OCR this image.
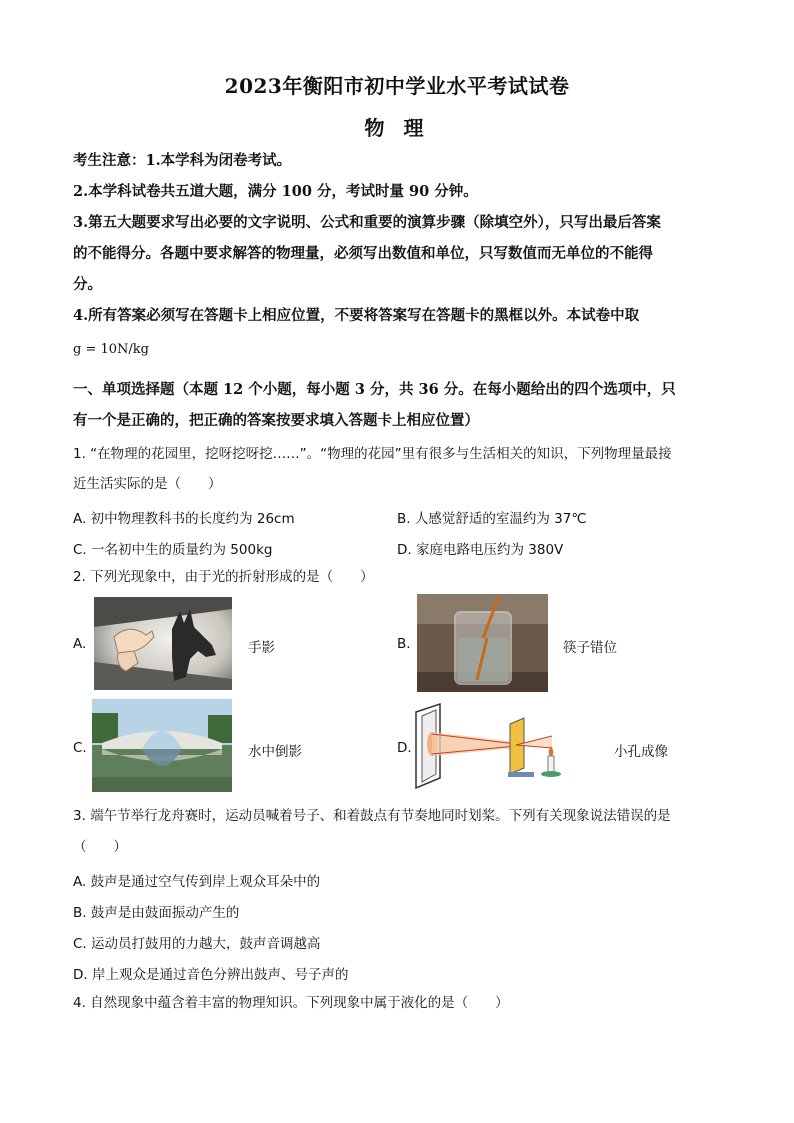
2023年衡阳市初中学业水平考试试卷
物 理
考生注意：1.本学科为闭卷考试。
2.本学科试卷共五道大题，满分 100 分，考试时量 90 分钟。
3.第五大题要求写出必要的文字说明、公式和重要的演算步骤（除填空外），只写出最后答案
的不能得分。各题中要求解答的物理量，必须写出数值和单位，只写数值而无单位的不能得
分。
4.所有答案必须写在答题卡上相应位置，不要将答案写在答题卡的黑框以外。本试卷中取
g = 10N/kg
一、单项选择题（本题 12 个小题，每小题 3 分，共 36 分。在每小题给出的四个选项中，只
有一个是正确的，把正确的答案按要求填入答题卡上相应位置）
1. “在物理的花园里，挖呀挖呀挖……”。“物理的花园”里有很多与生活相关的知识，下列物理量最接
近生活实际的是（　　）
A. 初中物理教科书的长度约为 26cm	B. 人感觉舒适的室温约为 37℃
C. 一名初中生的质量约为 500kg	D. 家庭电路电压约为 380V
2. 下列光现象中，由于光的折射形成的是（　　）
A.	手影	B.	筷子错位
C.	水中倒影	D.	小孔成像
3. 端午节举行龙舟赛时，运动员喊着号子、和着鼓点有节奏地同时划桨。下列有关现象说法错误的是
（　　）
A. 鼓声是通过空气传到岸上观众耳朵中的
B. 鼓声是由鼓面振动产生的
C. 运动员打鼓用的力越大，鼓声音调越高
D. 岸上观众是通过音色分辨出鼓声、号子声的
4. 自然现象中蕴含着丰富的物理知识。下列现象中属于液化的是（　　）
